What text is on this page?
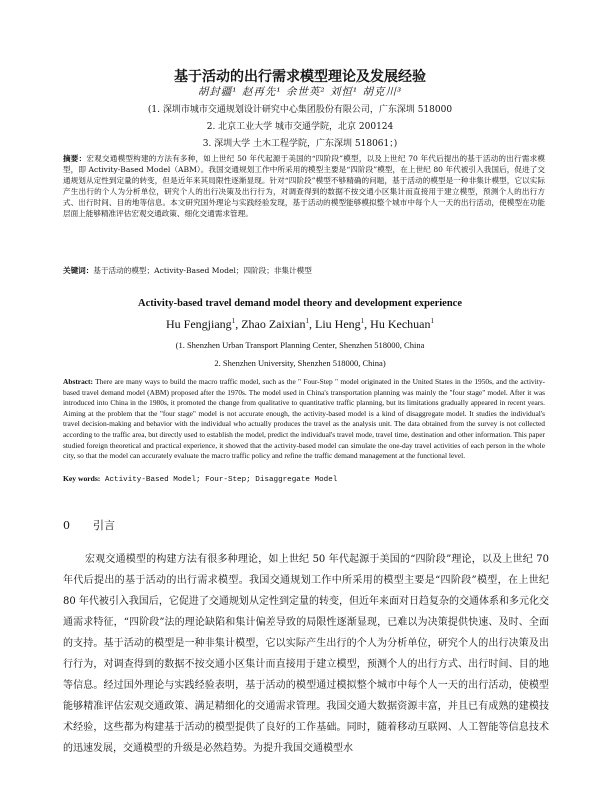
基于活动的出行需求模型理论及发展经验
胡封疆¹ 赵再先¹ 余世英² 刘恒¹ 胡克川³
(1. 深圳市城市交通规划设计研究中心集团股份有限公司，广东深圳 518000
2. 北京工业大学 城市交通学院，北京 200124
3. 深圳大学 土木工程学院，广东深圳 518061；)
摘要：宏观交通模型构建的方法有多种，如上世纪 50 年代起源于美国的“四阶段”模型，以及上世纪 70 年代后提出的基于活动的出行需求模型，即 Activity-Based Model（ABM）。我国交通规划工作中所采用的模型主要是“四阶段”模型，在上世纪 80 年代被引入我国后，促进了交通规划从定性到定量的转变，但是近年来其局限性逐渐显现。针对“四阶段”模型不够精确的问题，基于活动的模型是一种非集计模型，它以实际产生出行的个人为分析单位，研究个人的出行决策及出行行为，对调查得到的数据不按交通小区集计而直接用于建立模型，预测个人的出行方式、出行时间、目的地等信息。本文研究国外理论与实践经验发现，基于活动的模型能够模拟整个城市中每个人一天的出行活动，使模型在功能层面上能够精准评估宏观交通政策、细化交通需求管理。
关键词：基于活动的模型；Activity-Based Model；四阶段；非集计模型
Activity-based travel demand model theory and development experience
Hu Fengjiang$^1$, Zhao Zaixian$^1$, Liu Heng$^1$, Hu Kechuan$^1$
(1. Shenzhen Urban Transport Planning Center, Shenzhen 518000, China
2. Shenzhen University, Shenzhen 518000, China)
Abstract: There are many ways to build the macro traffic model, such as the " Four-Step " model originated in the United States in the 1950s, and the activity-based travel demand model (ABM) proposed after the 1970s. The model used in China's transportation planning was mainly the "four stage" model. After it was introduced into China in the 1980s, it promoted the change from qualitative to quantitative traffic planning, but its limitations gradually appeared in recent years. Aiming at the problem that the "four stage" model is not accurate enough, the activity-based model is a kind of disaggregate model. It studies the individual's travel decision-making and behavior with the individual who actually produces the travel as the analysis unit. The data obtained from the survey is not collected according to the traffic area, but directly used to establish the model, predict the individual's travel mode, travel time, destination and other information. This paper studied foreign theoretical and practical experience, it showed that the activity-based model can simulate the one-day travel activities of each person in the whole city, so that the model can accurately evaluate the macro traffic policy and refine the traffic demand management at the functional level.
Key words: Activity-Based Model; Four-Step; Disaggregate Model
0 引言
宏观交通模型的构建方法有很多种理论，如上世纪 50 年代起源于美国的“四阶段”理论，以及上世纪 70 年代后提出的基于活动的出行需求模型。我国交通规划工作中所采用的模型主要是“四阶段”模型，在上世纪 80 年代被引入我国后，它促进了交通规划从定性到定量的转变，但近年来面对日趋复杂的交通体系和多元化交通需求特征，“四阶段”法的理论缺陷和集计偏差导致的局限性逐渐显现，已难以为决策提供快速、及时、全面的支持。基于活动的模型是一种非集计模型，它以实际产生出行的个人为分析单位，研究个人的出行决策及出行行为，对调查得到的数据不按交通小区集计而直接用于建立模型，预测个人的出行方式、出行时间、目的地等信息。经过国外理论与实践经验表明，基于活动的模型通过模拟整个城市中每个人一天的出行活动，使模型能够精准评估宏观交通政策、满足精细化的交通需求管理。我国交通大数据资源丰富，并且已有成熟的建模技术经验，这些都为构建基于活动的模型提供了良好的工作基础。同时，随着移动互联网、人工智能等信息技术的迅速发展，交通模型的升级是必然趋势。为提升我国交通模型水
